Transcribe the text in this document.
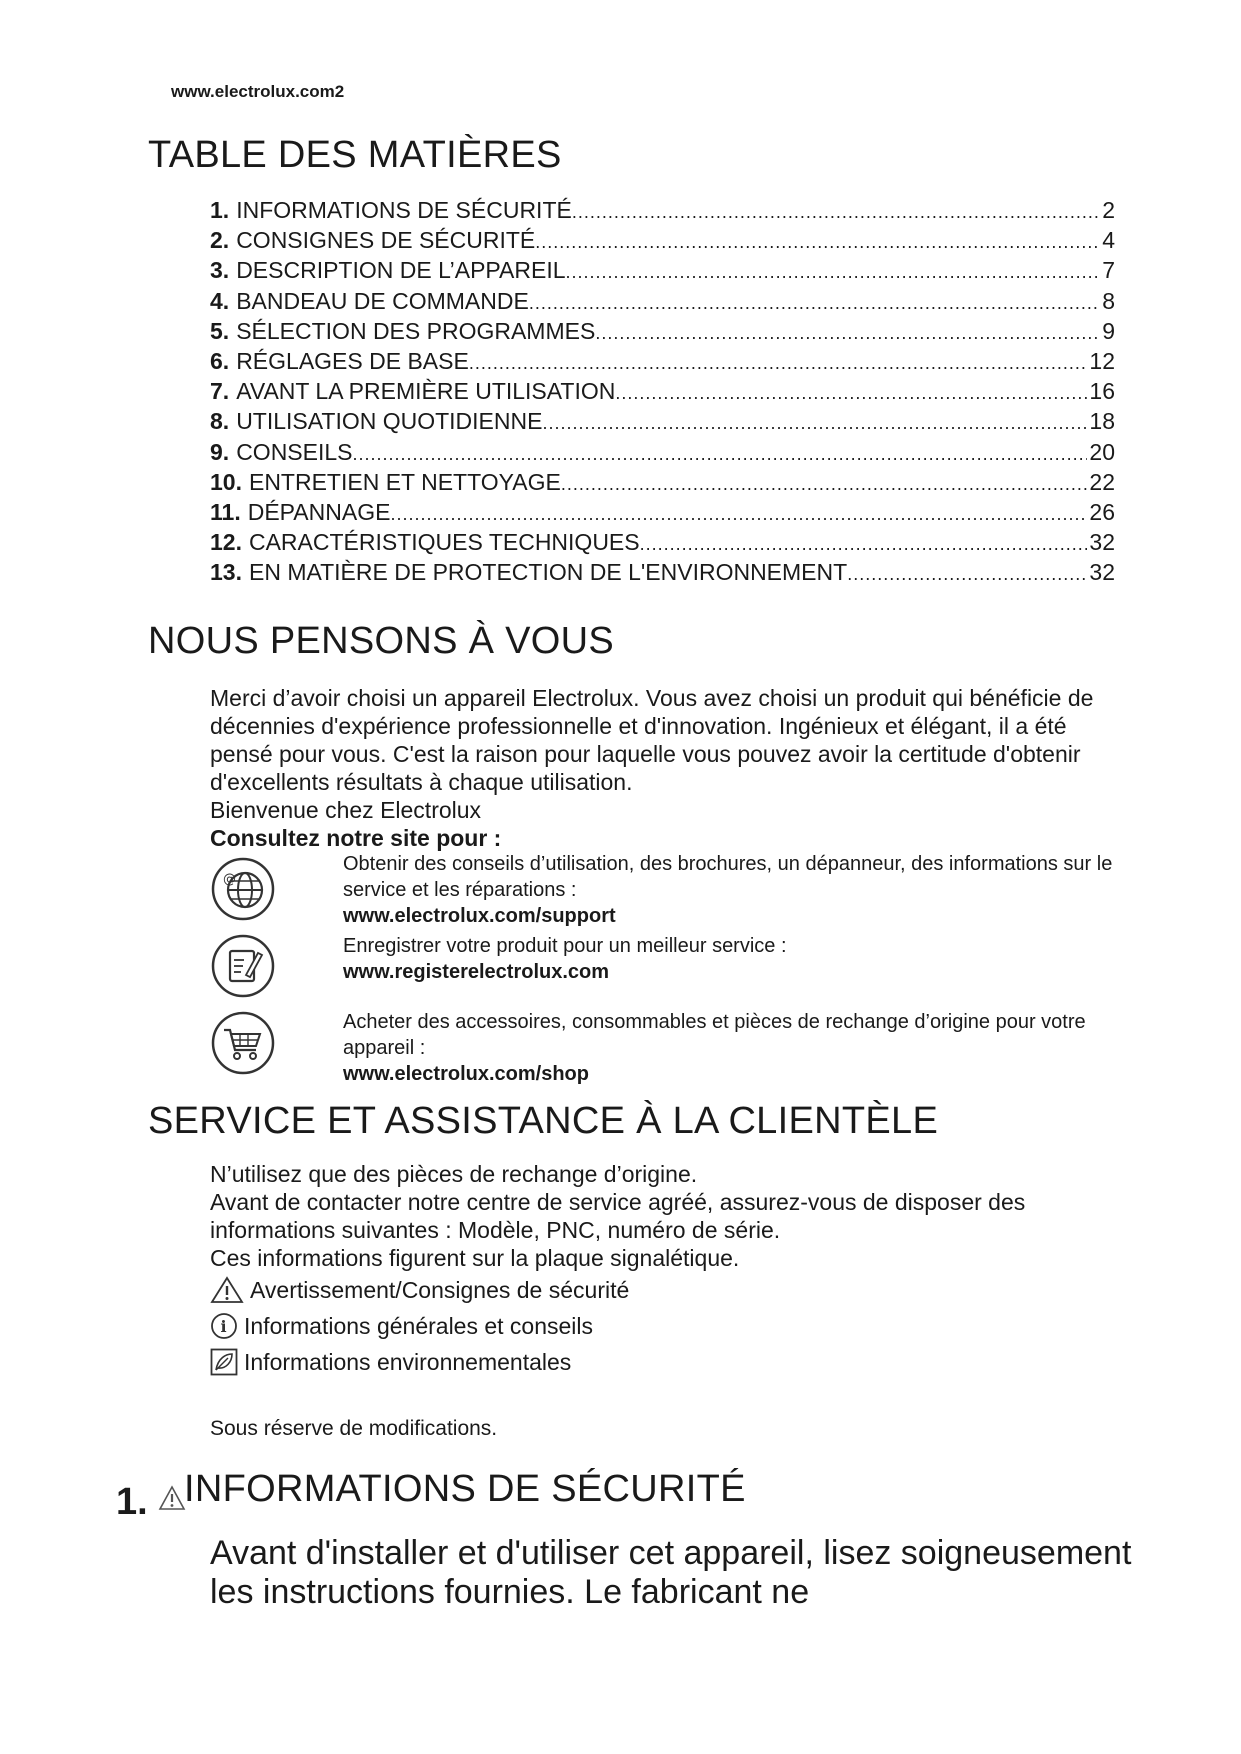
www.electrolux.com2
TABLE DES MATIÈRES
1. INFORMATIONS DE SÉCURITÉ .....	2
2. CONSIGNES DE SÉCURITÉ .....	4
3. DESCRIPTION DE L’APPAREIL .....	7
4. BANDEAU DE COMMANDE .....	8
5. SÉLECTION DES PROGRAMMES .....	9
6. RÉGLAGES DE BASE .....	12
7. AVANT LA PREMIÈRE UTILISATION .....	16
8. UTILISATION QUOTIDIENNE .....	18
9. CONSEILS .....	20
10. ENTRETIEN ET NETTOYAGE .....	22
11. DÉPANNAGE .....	26
12. CARACTÉRISTIQUES TECHNIQUES .....	32
13. EN MATIÈRE DE PROTECTION DE L'ENVIRONNEMENT .....	32
NOUS PENSONS À VOUS

Merci d’avoir choisi un appareil Electrolux. Vous avez choisi un produit qui bénéficie de décennies d'expérience professionnelle et d'innovation. Ingénieux et élégant, il a été pensé pour vous. C'est la raison pour laquelle vous pouvez avoir la certitude d'obtenir d'excellents résultats à chaque utilisation.

Bienvenue chez Electrolux

Consultez notre site pour :

@

Obtenir des conseils d’utilisation, des brochures, un dépanneur, des informations sur le service et les réparations :

www.electrolux.com/support

Enregistrer votre produit pour un meilleur service :

www.registerelectrolux.com

Acheter des accessoires, consommables et pièces de rechange d’origine pour votre appareil :

www.electrolux.com/shop

SERVICE ET ASSISTANCE À LA CLIENTÈLE

N’utilisez que des pièces de rechange d’origine.

Avant de contacter notre centre de service agréé, assurez-vous de disposer des informations suivantes : Modèle, PNC, numéro de série.

Ces informations figurent sur la plaque signalétique.

Avertissement/Consignes de sécurité
i Informations générales et conseils
Informations environnementales

Sous réserve de modifications.

1. INFORMATIONS DE SÉCURITÉ
Avant d'installer et d'utiliser cet appareil, lisez soigneusement les instructions fournies. Le fabricant ne
